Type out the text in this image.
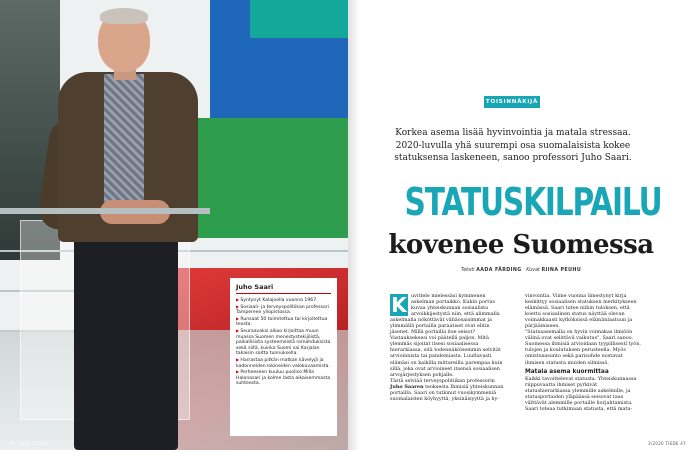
Juho Saari

▶ Syntynyt Kalajoella vuonna 1967.

▶ Sosiaali- ja terveyspolitiikan professori Tampereen yliopistossa.

▶ Runsaat 50 toimitettua tai kirjoitettua teosta.

▶ Seuraavaksi aikoo kirjoittaa muun muassa Suomen menestystekijöistä, paikallisista systeemeistä romahduksista sekä siitä, kuinka Suomi sai Karjalan takaisin soitta tunnuksella.

▶ Harrastaa pitkän matkan kävelyjä ja kadonneiden lokineiden valokuvaamista.

▶ Perheeseen kuuluu puoliso Milla Halonasari ja kolme lasta aikaisemmasta suhteesta.

46 TIEDE 3/2020
TOISINNÄKIJÄ
Korkea asema lisää hyvinvointia ja matala stressaa. 2020-luvulla yhä suurempi osa suomalaisista kokee statuksensa laskeneen, sanoo professori Juho Saari.
STATUSKILPAILU
kovenee Suomessa
Teksti AADA FÄRDING Kuvat RIINA PEUHU

K uvittele mielessäsi kymmenen askelman portaikko. Kukin porras kuvaa yhteiskunnan sosiaalista arvoikkijestystä niin, että alimmalla askelmalla nököttävät vähäosaisimmat ja ylimmällä portailla paraatiset ovat elitin jäsenet. Millä portailla itse seisot?

Vastaukseksesi voi päätellä paljon. Mitä ylemmäs sijoitat itsesi sosiaalisessa hierarkiassa, sitä todennäköisemmin selvität arvioinnista tai pandemiasta. Luultavasti elämäsi on kaikilla mittareilla parempaa kuin sillä, joka ovat arvioineet itsensä sosiaalisen arvojärjestyksen pohjalle.

Tästä selviää terveyspolitiikan professorin Juho Saaren teoksesta Ihmisiä yhteiskunnan portailla. Saari on tutkinut vuosikymmeniä suomalaisten köyhyyttä, yksinäisyyttä ja hy-

vinvointia. Viime vuonna ilmestynyt kirja keskittyy sosiaalisen statuksen merkitykseen elämässä. Saari tutee niihin tuloksen, että koettu sosiaalinen status näyttää olevan voimakkaasti kytköksissä elämänlaatuun ja pärjäämiseen.

"Statusasemalla on hyvin voimakas ilmiöön välinä ovat selittävä vaikutus", Saari sanoo.

Suomessa ihmisiä arvioidaan tyypillisesti työn, tulojen ja koulutuksen perusteella. Myös omistusasunto sekä parisuhde nostavat ihmisen statusta muiden silmissä.

Matala asema kuormittaa

Kaikki tavoittelevat statusta. Yhteiskunnassa riippuvaatta ihmiset pyrkivät statushierarkiassa ylemmille askelmille, ja statusportaiden yläpäässä seisovat taas välttävät alemmille portaille horjahtamista.

Saari toteaa tutkimaan statusta, että matu-

3/2020 TIEDE 47
